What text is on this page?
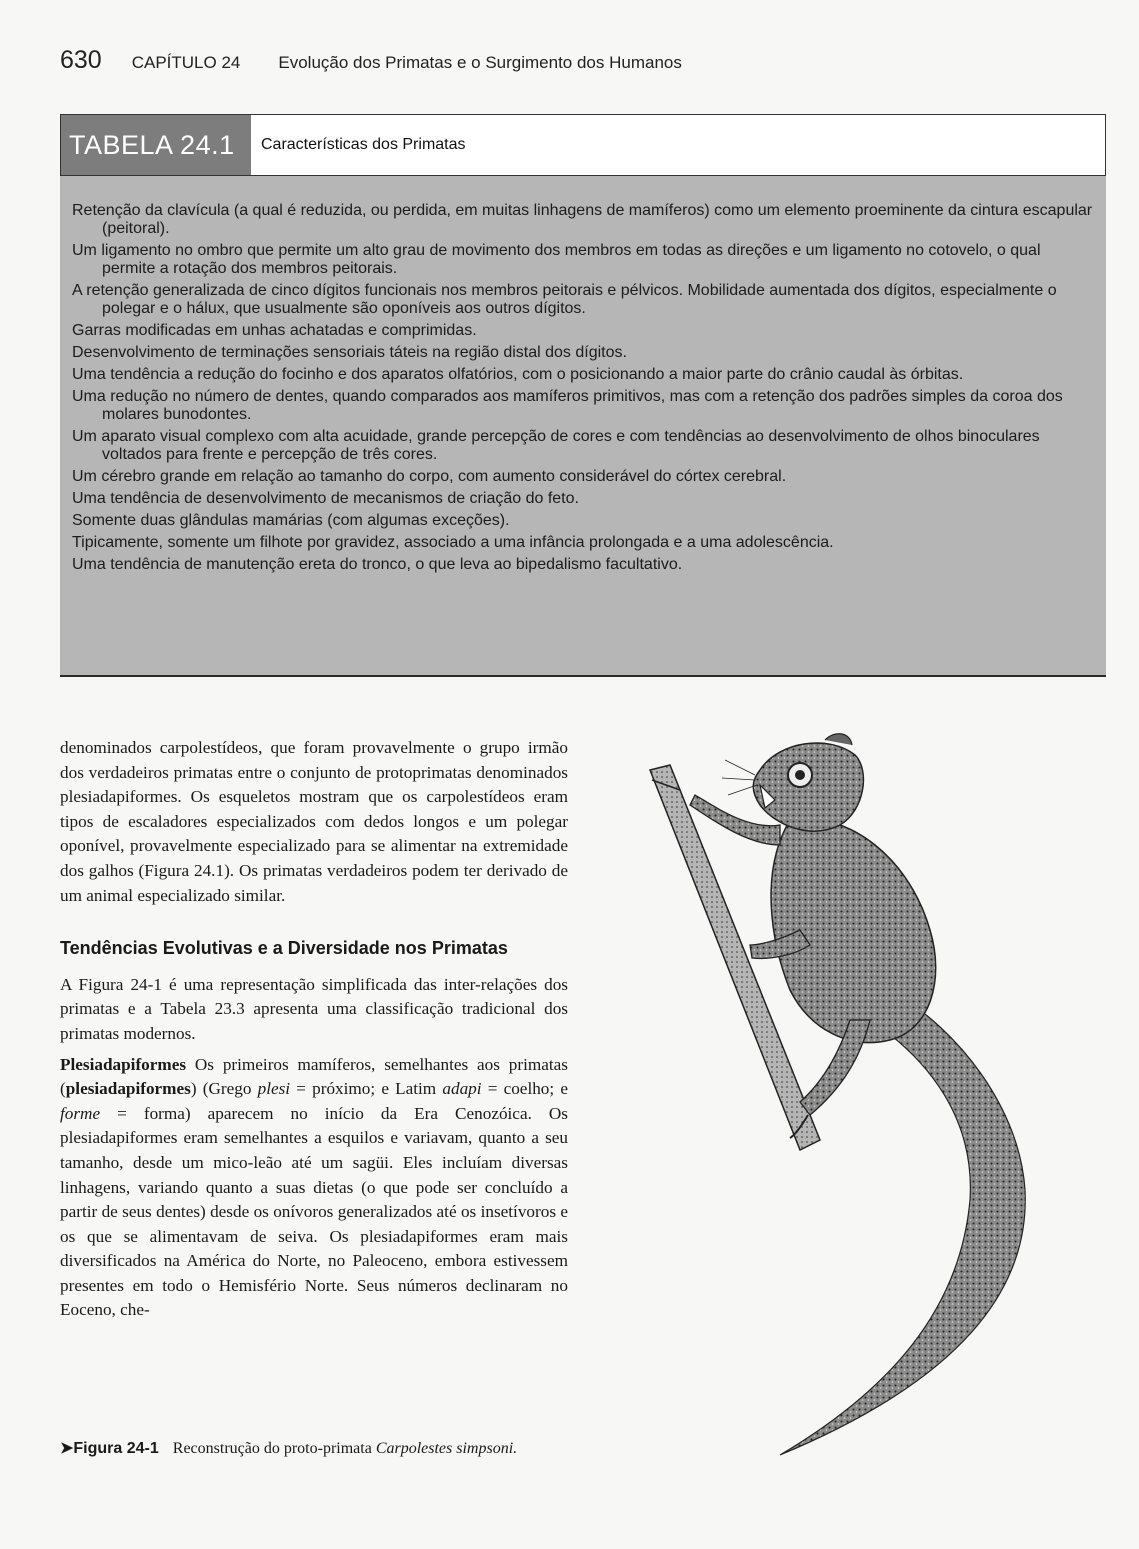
630 CAPÍTULO 24 Evolução dos Primatas e o Surgimento dos Humanos
TABELA 24.1	Características dos Primatas
Retenção da clavícula (a qual é reduzida, ou perdida, em muitas linhagens de mamíferos) como um elemento proeminente da cintura escapular (peitoral).
Um ligamento no ombro que permite um alto grau de movimento dos membros em todas as direções e um ligamento no cotovelo, o qual permite a rotação dos membros peitorais.
A retenção generalizada de cinco dígitos funcionais nos membros peitorais e pélvicos. Mobilidade aumentada dos dígitos, especialmente o polegar e o hálux, que usualmente são oponíveis aos outros dígitos.
Garras modificadas em unhas achatadas e comprimidas.
Desenvolvimento de terminações sensoriais táteis na região distal dos dígitos.
Uma tendência a redução do focinho e dos aparatos olfatórios, com o posicionando a maior parte do crânio caudal às órbitas.
Uma redução no número de dentes, quando comparados aos mamíferos primitivos, mas com a retenção dos padrões simples da coroa dos molares bunodontes.
Um aparato visual complexo com alta acuidade, grande percepção de cores e com tendências ao desenvolvimento de olhos binoculares voltados para frente e percepção de três cores.
Um cérebro grande em relação ao tamanho do corpo, com aumento considerável do córtex cerebral.
Uma tendência de desenvolvimento de mecanismos de criação do feto.
Somente duas glândulas mamárias (com algumas exceções).
Tipicamente, somente um filhote por gravidez, associado a uma infância prolongada e a uma adolescência.
Uma tendência de manutenção ereta do tronco, o que leva ao bipedalismo facultativo.

denominados carpolestídeos, que foram provavelmente o grupo irmão dos verdadeiros primatas entre o conjunto de protoprimatas denominados plesiadapiformes. Os esqueletos mostram que os carpolestídeos eram tipos de escaladores especializados com dedos longos e um polegar oponível, provavelmente especializado para se alimentar na extremidade dos galhos (Figura 24.1). Os primatas verdadeiros podem ter derivado de um animal especializado similar.

Tendências Evolutivas e a Diversidade nos Primatas

A Figura 24-1 é uma representação simplificada das inter-relações dos primatas e a Tabela 23.3 apresenta uma classificação tradicional dos primatas modernos.

Plesiadapiformes Os primeiros mamíferos, semelhantes aos primatas (plesiadapiformes) (Grego plesi = próximo; e Latim adapi = coelho; e forme = forma) aparecem no início da Era Cenozóica. Os plesiadapiformes eram semelhantes a esquilos e variavam, quanto a seu tamanho, desde um mico-leão até um sagüi. Eles incluíam diversas linhagens, variando quanto a suas dietas (o que pode ser concluído a partir de seus dentes) desde os onívoros generalizados até os insetívoros e os que se alimentavam de seiva. Os plesiadapiformes eram mais diversificados na América do Norte, no Paleoceno, embora estivessem presentes em todo o Hemisfério Norte. Seus números declinaram no Eoceno, che-

➤ Figura 24-1 Reconstrução do proto-primata
Carpolestes simpsoni.
